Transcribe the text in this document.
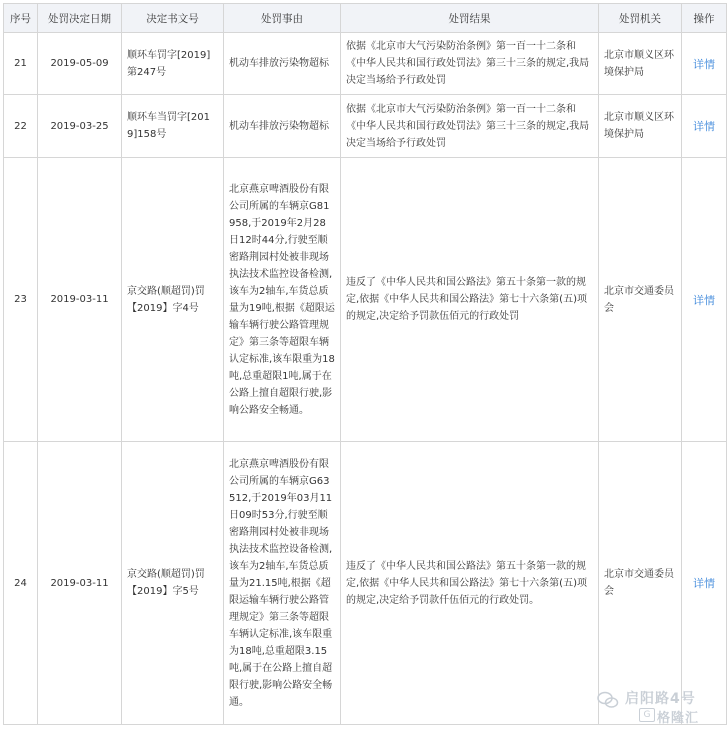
序号	处罚决定日期	决定书文号	处罚事由	处罚结果	处罚机关	操作
21	2019-05-09	顺环车罚字[2019]第247号	机动车排放污染物超标	依据《北京市大气污染防治条例》第一百一十二条和《中华人民共和国行政处罚法》第三十三条的规定,我局决定当场给予行政处罚	北京市顺义区环境保护局	详情
22	2019-03-25	顺环车当罚字[2019]158号	机动车排放污染物超标	依据《北京市大气污染防治条例》第一百一十二条和《中华人民共和国行政处罚法》第三十三条的规定,我局决定当场给予行政处罚	北京市顺义区环境保护局	详情
23	2019-03-11	京交路(顺超罚)罚【2019】字4号	北京燕京啤酒股份有限公司所属的车辆京G81958,于2019年2月28日12时44分,行驶至顺密路荆园村处被非现场执法技术监控设备检测,该车为2轴车,车货总质量为19吨,根据《超限运输车辆行驶公路管理规定》第三条等超限车辆认定标准,该车限重为18吨,总重超限1吨,属于在公路上擅自超限行驶,影响公路安全畅通。	违反了《中华人民共和国公路法》第五十条第一款的规定,依据《中华人民共和国公路法》第七十六条第(五)项的规定,决定给予罚款伍佰元的行政处罚	北京市交通委员会	详情
24	2019-03-11	京交路(顺超罚)罚【2019】字5号	北京燕京啤酒股份有限公司所属的车辆京G63512,于2019年03月11日09时53分,行驶至顺密路荆园村处被非现场执法技术监控设备检测,该车为2轴车,车货总质量为21.15吨,根据《超限运输车辆行驶公路管理规定》第三条等超限车辆认定标准,该车限重为18吨,总重超限3.15吨,属于在公路上擅自超限行驶,影响公路安全畅通。	违反了《中华人民共和国公路法》第五十条第一款的规定,依据《中华人民共和国公路法》第七十六条第(五)项的规定,决定给予罚款仟伍佰元的行政处罚。	北京市交通委员会	详情
启阳路4号
G 格隆汇
